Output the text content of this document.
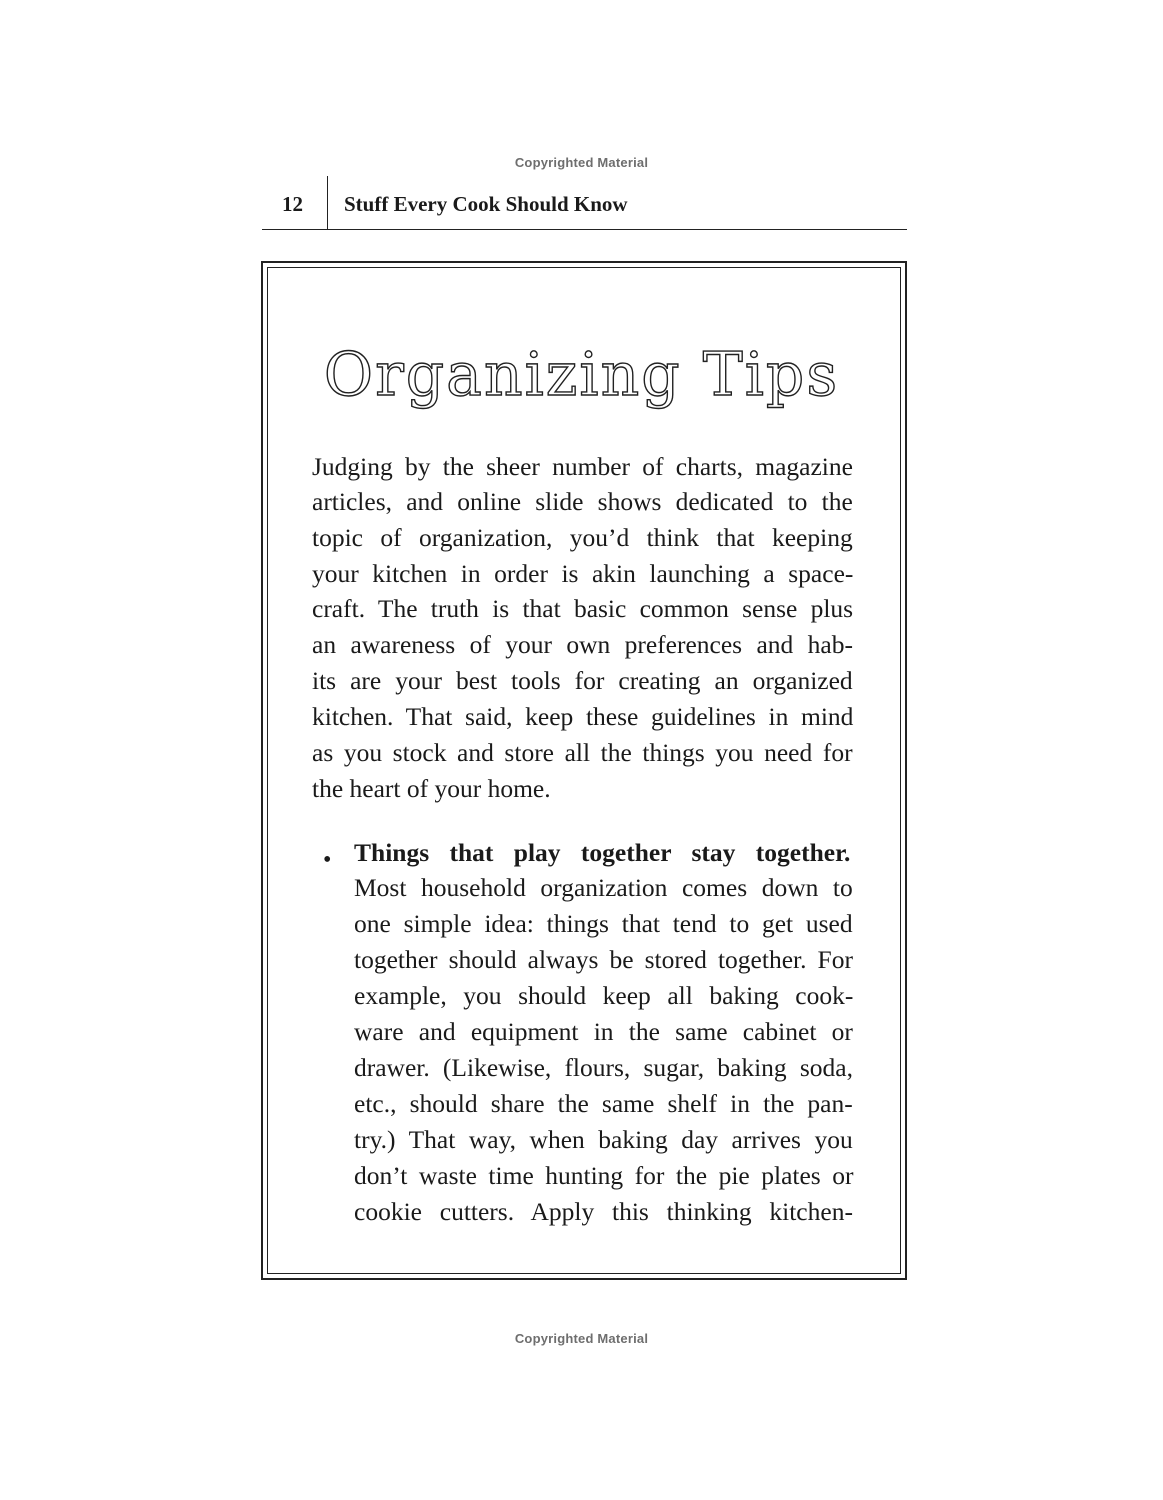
Copyrighted Material
12 Stuff Every Cook Should Know
Organizing Tips
Judging by the sheer number of charts, magazine
articles, and online slide shows dedicated to the
topic of organization, you’d think that keeping
your kitchen in order is akin launching a space-
craft. The truth is that basic common sense plus
an awareness of your own preferences and hab-
its are your best tools for creating an organized
kitchen. That said, keep these guidelines in mind
as you stock and store all the things you need for
the heart of your home.
• Things that play together stay together.
Most household organization comes down to
one simple idea: things that tend to get used
together should always be stored together. For
example, you should keep all baking cook-
ware and equipment in the same cabinet or
drawer. (Likewise, flours, sugar, baking soda,
etc., should share the same shelf in the pan-
try.) That way, when baking day arrives you
don’t waste time hunting for the pie plates or
cookie cutters. Apply this thinking kitchen-
Copyrighted Material
